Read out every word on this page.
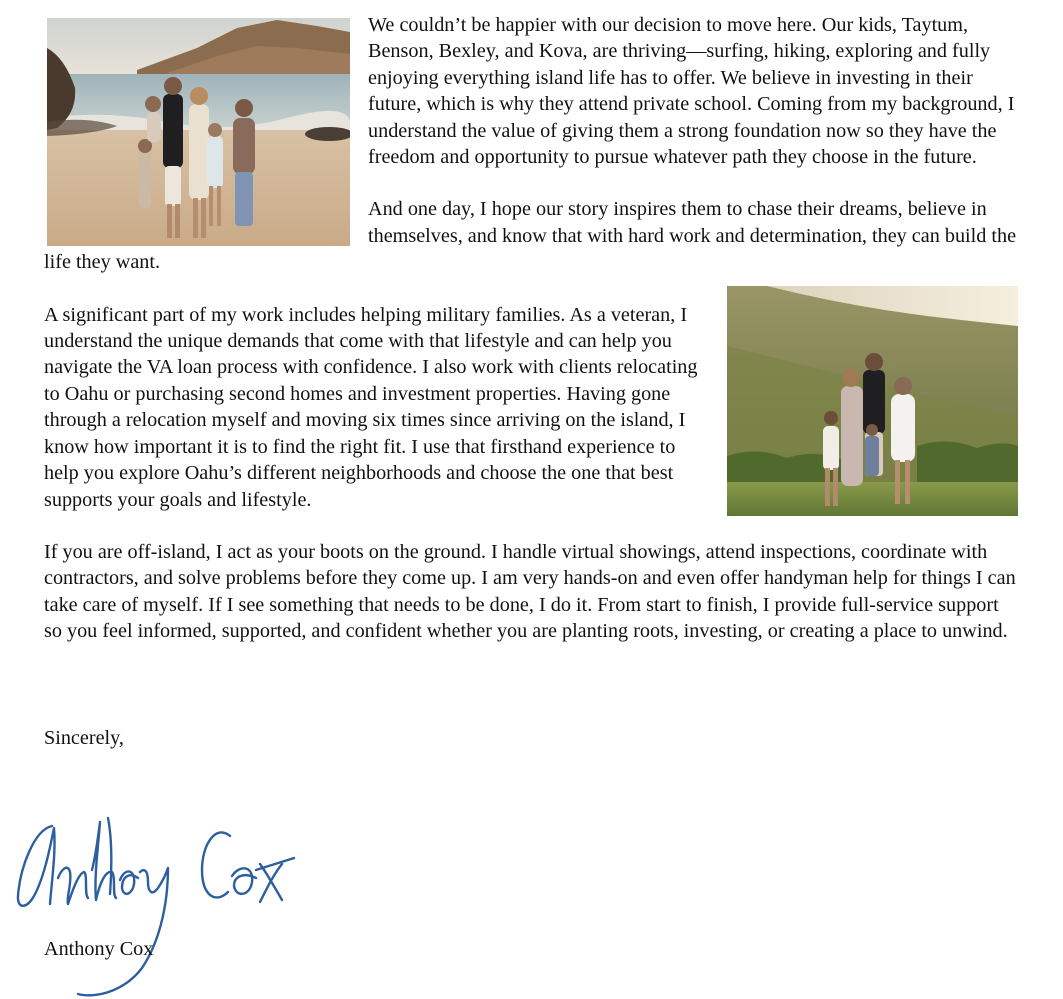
We couldn’t be happier with our decision to move here. Our kids, Taytum, Benson, Bexley, and Kova, are thriving—surfing, hiking, exploring and fully enjoying everything island life has to offer. We believe in investing in their future, which is why they attend private school. Coming from my background, I understand the value of giving them a strong foundation now so they have the freedom and opportunity to pursue whatever path they choose in the future.

And one day, I hope our story inspires them to chase their dreams, believe in themselves, and know that with hard work and determination, they can build the life they want.

A significant part of my work includes helping military families. As a veteran, I understand the unique demands that come with that lifestyle and can help you navigate the VA loan process with confidence. I also work with clients relocating to Oahu or purchasing second homes and investment properties. Having gone through a relocation myself and moving six times since arriving on the island, I know how important it is to find the right fit. I use that firsthand experience to help you explore Oahu’s different neighborhoods and choose the one that best supports your goals and lifestyle.

If you are off-island, I act as your boots on the ground. I handle virtual showings, attend inspections, coordinate with contractors, and solve problems before they come up. I am very hands-on and even offer handyman help for things I can take care of myself. If I see something that needs to be done, I do it. From start to finish, I provide full-service support so you feel informed, supported, and confident whether you are planting roots, investing, or creating a place to unwind.

Sincerely,

Anthony Cox
